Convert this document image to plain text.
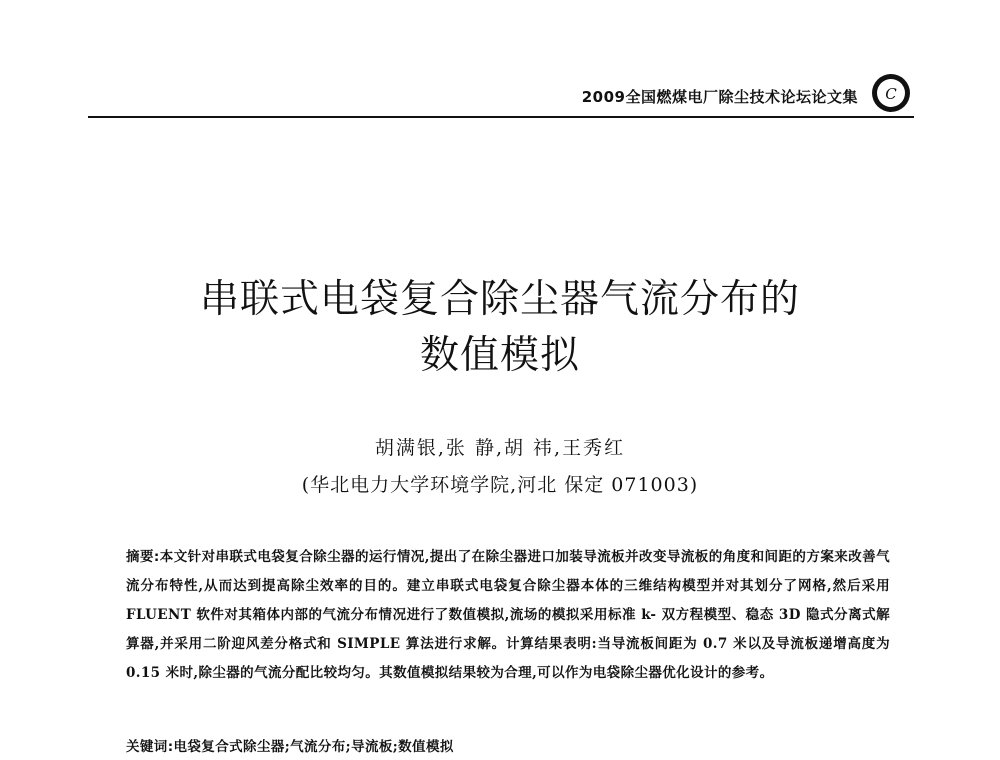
2009全国燃煤电厂除尘技术论坛论文集 C
串联式电袋复合除尘器气流分布的
数值模拟
胡满银,张 静,胡 祎,王秀红
(华北电力大学环境学院,河北 保定 071003)
摘要:本文针对串联式电袋复合除尘器的运行情况,提出了在除尘器进口加装导流板并改变导流板的角度和间距的方案来改善气流分布特性,从而达到提高除尘效率的目的。建立串联式电袋复合除尘器本体的三维结构模型并对其划分了网格,然后采用 FLUENT 软件对其箱体内部的气流分布情况进行了数值模拟,流场的模拟采用标准 k- 双方程模型、稳态 3D 隐式分离式解算器,并采用二阶迎风差分格式和 SIMPLE 算法进行求解。计算结果表明:当导流板间距为 0.7 米以及导流板递增高度为 0.15 米时,除尘器的气流分配比较均匀。其数值模拟结果较为合理,可以作为电袋除尘器优化设计的参考。
关键词:电袋复合式除尘器;气流分布;导流板;数值模拟
